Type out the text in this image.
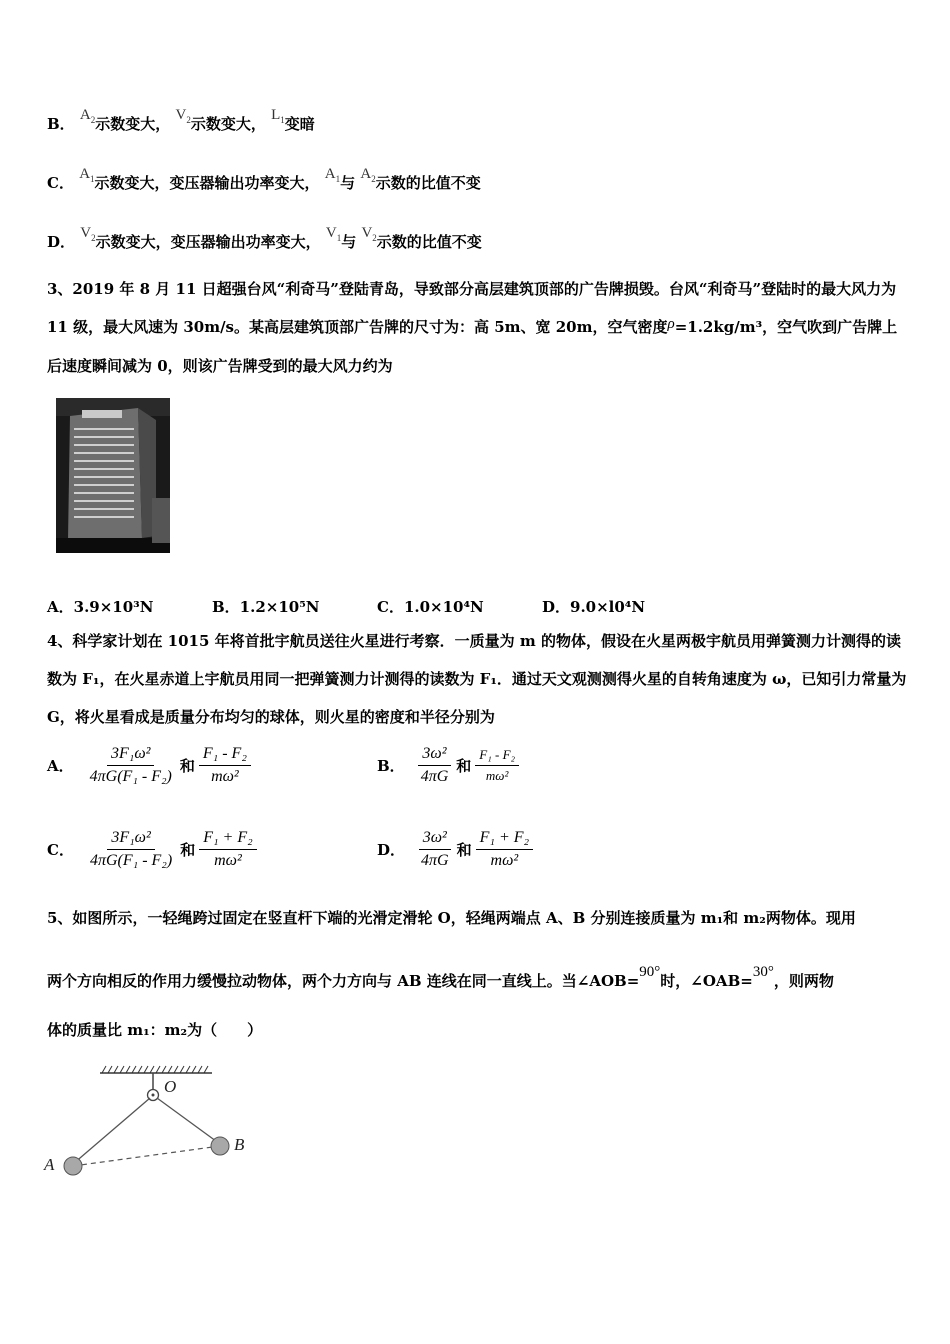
B． $A_2$示数变大， $V_2$示数变大， $L_1$变暗
C． $A_1$示数变大，变压器输出功率变大， $A_1$与 $A_2$示数的比值不变
D． $V_2$示数变大，变压器输出功率变大， $V_1$与 $V_2$示数的比值不变
3、2019 年 8 月 11 日超强台风“利奇马”登陆青岛，导致部分高层建筑顶部的广告牌损毁。台风“利奇马”登陆时的最大风力为 11 级，最大风速为 30m/s。某高层建筑顶部广告牌的尺寸为：高 5m、宽 20m，空气密度ρ=1.2kg/m³，空气吹到广告牌上后速度瞬间减为 0，则该广告牌受到的最大风力约为
A．3.9×10³N	B．1.2×10⁵N	C．1.0×10⁴N	D．9.0×l0⁴N
4、科学家计划在 1015 年将首批宇航员送往火星进行考察．一质量为 m 的物体，假设在火星两极宇航员用弹簧测力计测得的读数为 F₁，在火星赤道上宇航员用同一把弹簧测力计测得的读数为 F₁．通过天文观测测得火星的自转角速度为 ω，已知引力常量为 G，将火星看成是质量分布均匀的球体，则火星的密度和半径分别为
A． $\frac{\text{3F₁ω²}}{\text{4πG(F₁ - F₂)}}$ 和 $\frac{\text{F₁ - F₂}}{\text{mω²}}$	B． $\frac{\text{3ω²}}{4\pi G}$ 和 $\frac{\text{F₁ - F₂}}{\text{mω²}}$
C． $\frac{\text{3F₁ω²}}{\text{4πG(F₁ - F₂)}}$ 和 $\frac{\text{F₁ + F₂}}{\text{mω²}}$	D． $\frac{\text{3ω²}}{4\pi G}$ 和 $\frac{\text{F₁ + F₂}}{\text{mω²}}$
5、如图所示，一轻绳跨过固定在竖直杆下端的光滑定滑轮 O，轻绳两端点 A、B 分别连接质量为 m₁和 m₂两物体。现用
两个方向相反的作用力缓慢拉动物体，两个力方向与 AB 连线在同一直线上。当∠AOB=90°时，∠OAB=30°，则两物
体的质量比 m₁：m₂为（　　）
O
A
B
